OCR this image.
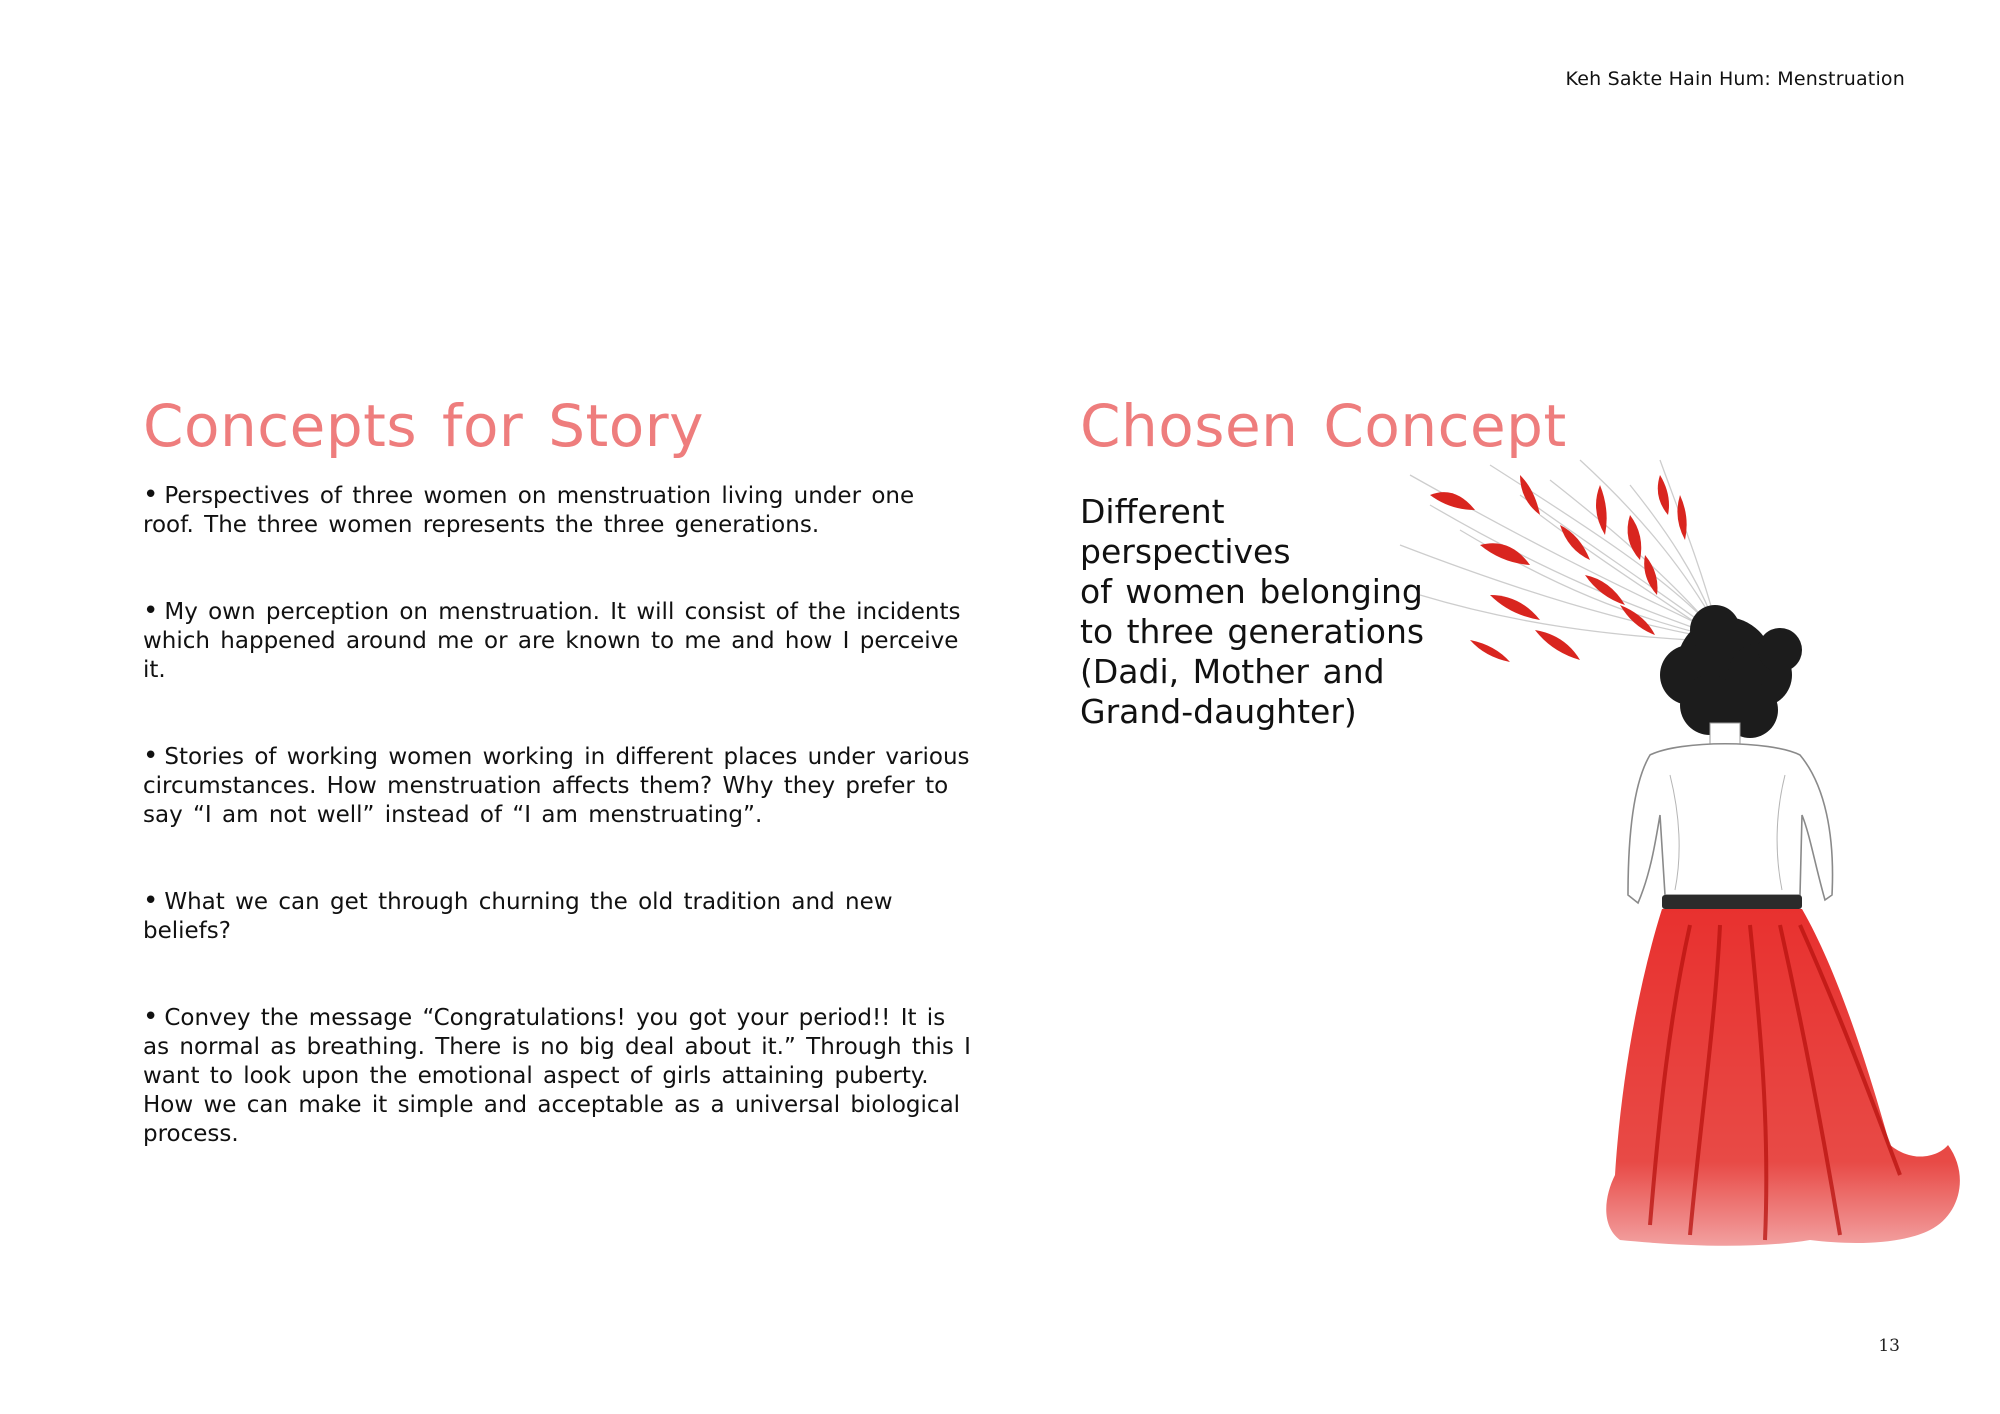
Keh Sakte Hain Hum: Menstruation
Concepts for Story
• Perspectives of three women on menstruation living under one roof. The three women represents the three generations.
• My own perception on menstruation. It will consist of the incidents which happened around me or are known to me and how I perceive it.
• Stories of working women working in different places under various circumstances. How menstruation affects them? Why they prefer to say “I am not well” instead of “I am menstruating”.
• What we can get through churning the old tradition and new beliefs?
• Convey the message “Congratulations! you got your period!! It is as normal as breathing. There is no big deal about it.” Through this I want to look upon the emotional aspect of girls attaining puberty. How we can make it simple and acceptable as a universal biological process.
Chosen Concept
Different perspectives
of women belonging
to three generations
(Dadi, Mother and
Grand-daughter)
13
